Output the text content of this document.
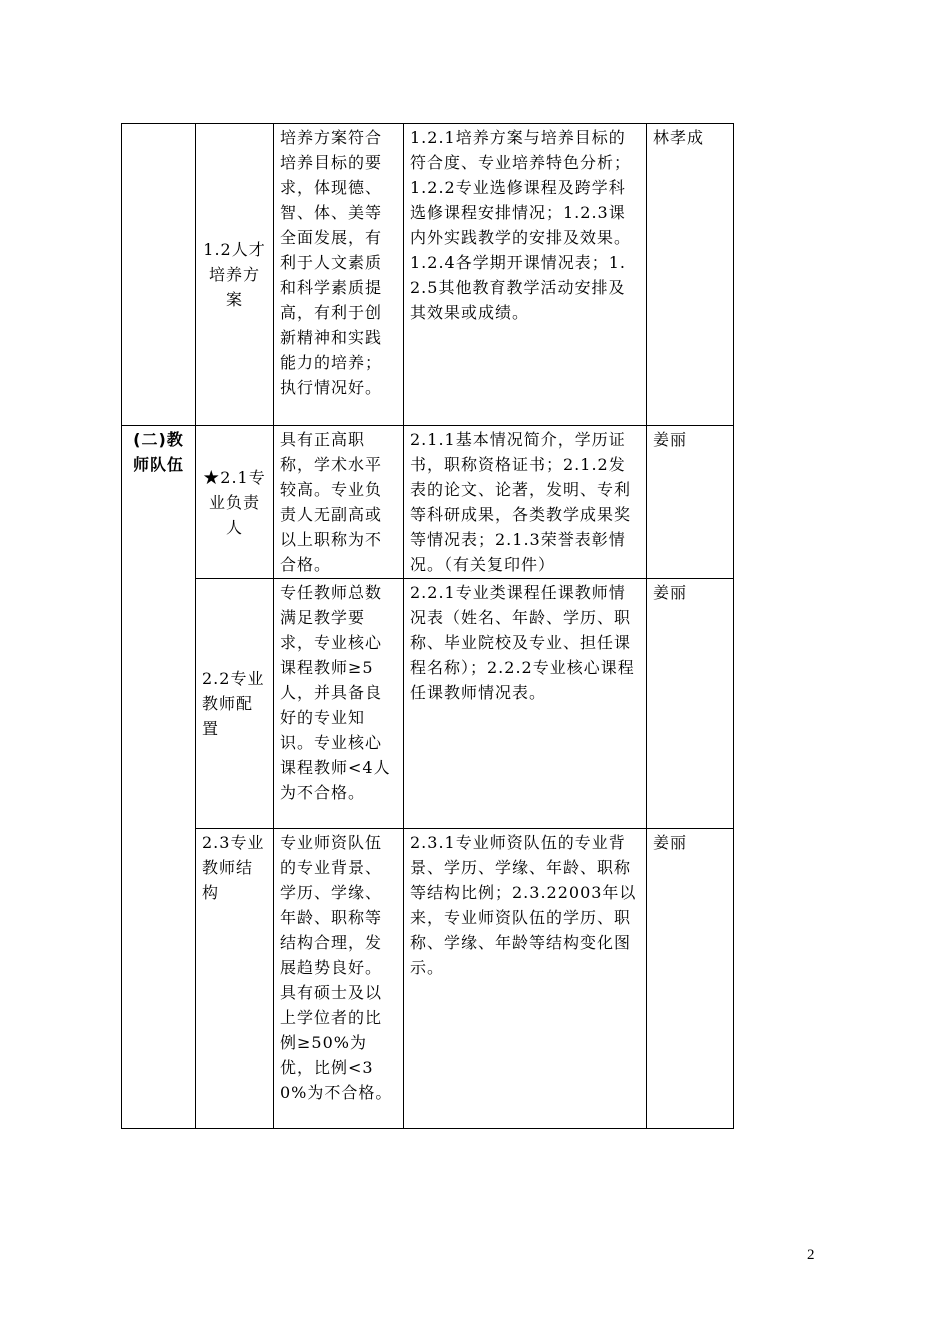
	1.2人才培养方案	培养方案符合培养目标的要求，体现德、智、体、美等全面发展，有利于人文素质和科学素质提高，有利于创新精神和实践能力的培养；执行情况好。	1.2.1培养方案与培养目标的符合度、专业培养特色分析；1.2.2专业选修课程及跨学科选修课程安排情况；1.2.3课内外实践教学的安排及效果。1.2.4各学期开课情况表；1.2.5其他教育教学活动安排及其效果或成绩。	林孝成
(二)教师队伍	★2.1专业负责人	具有正高职称，学术水平较高。专业负责人无副高或以上职称为不合格。	2.1.1基本情况简介，学历证书，职称资格证书；2.1.2发表的论文、论著，发明、专利等科研成果，各类教学成果奖等情况表；2.1.3荣誉表彰情况。（有关复印件）	姜丽
	2.2专业教师配置	专任教师总数满足教学要求，专业核心课程教师≥5人，并具备良好的专业知识。专业核心课程教师<4人为不合格。	2.2.1专业类课程任课教师情况表（姓名、年龄、学历、职称、毕业院校及专业、担任课程名称）；2.2.2专业核心课程任课教师情况表。	姜丽
	2.3专业教师结构	专业师资队伍的专业背景、学历、学缘、年龄、职称等结构合理，发展趋势良好。具有硕士及以上学位者的比例≥50%为优，比例<30%为不合格。	2.3.1专业师资队伍的专业背景、学历、学缘、年龄、职称等结构比例；2.3.22003年以来，专业师资队伍的学历、职称、学缘、年龄等结构变化图示。	姜丽
2
